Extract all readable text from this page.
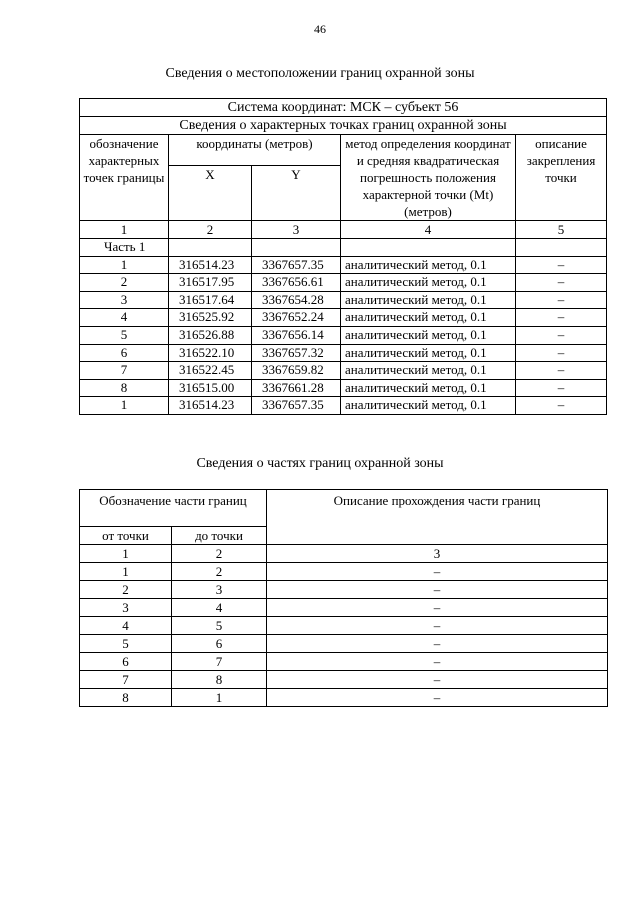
46
Сведения о местоположении границ охранной зоны
Система координат: МСК – субъект 56				
Сведения о характерных точках границ охранной зоны				
обозначение характерных точек границы	координаты (метров)		метод определения координат и средняя квадратическая погрешность положения характерной точки (Мt) (метров)	описание закрепления точки
	X	Y		
1	2	3	4	5
Часть 1				
1	316514.23	3367657.35	аналитический метод, 0.1	–
2	316517.95	3367656.61	аналитический метод, 0.1	–
3	316517.64	3367654.28	аналитический метод, 0.1	–
4	316525.92	3367652.24	аналитический метод, 0.1	–
5	316526.88	3367656.14	аналитический метод, 0.1	–
6	316522.10	3367657.32	аналитический метод, 0.1	–
7	316522.45	3367659.82	аналитический метод, 0.1	–
8	316515.00	3367661.28	аналитический метод, 0.1	–
1	316514.23	3367657.35	аналитический метод, 0.1	–
Сведения о частях границ охранной зоны
Обозначение части границ		Описание прохождения части границ
от точки	до точки	
1	2	3
1	2	–
2	3	–
3	4	–
4	5	–
5	6	–
6	7	–
7	8	–
8	1	–
